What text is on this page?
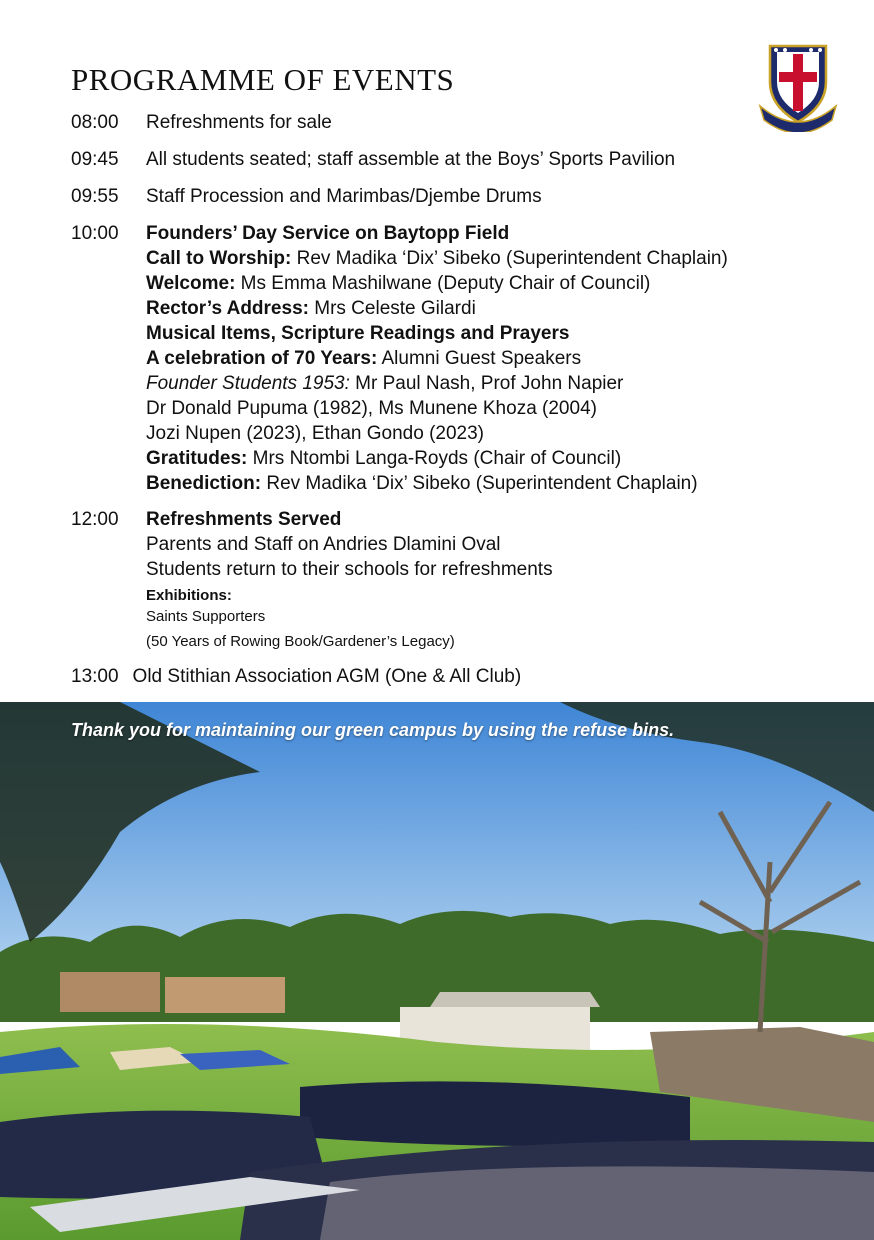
PROGRAMME OF EVENTS
08:00 Refreshments for sale
09:45 All students seated; staff assemble at the Boys’ Sports Pavilion
09:55 Staff Procession and Marimbas/Djembe Drums
10:00 Founders’ Day Service on Baytopp Field
Call to Worship: Rev Madika ‘Dix’ Sibeko (Superintendent Chaplain)
Welcome: Ms Emma Mashilwane (Deputy Chair of Council)
Rector’s Address: Mrs Celeste Gilardi
Musical Items, Scripture Readings and Prayers
A celebration of 70 Years: Alumni Guest Speakers
Founder Students 1953: Mr Paul Nash, Prof John Napier
Dr Donald Pupuma (1982), Ms Munene Khoza (2004)
Jozi Nupen (2023), Ethan Gondo (2023)
Gratitudes: Mrs Ntombi Langa-Royds (Chair of Council)
Benediction: Rev Madika ‘Dix’ Sibeko (Superintendent Chaplain)
12:00 Refreshments Served
Parents and Staff on Andries Dlamini Oval
Students return to their schools for refreshments
Exhibitions:
Saints Supporters
(50 Years of Rowing Book/Gardener’s Legacy)
13:00 Old Stithian Association AGM (One & All Club)
Thank you for maintaining our green campus by using the refuse bins.
